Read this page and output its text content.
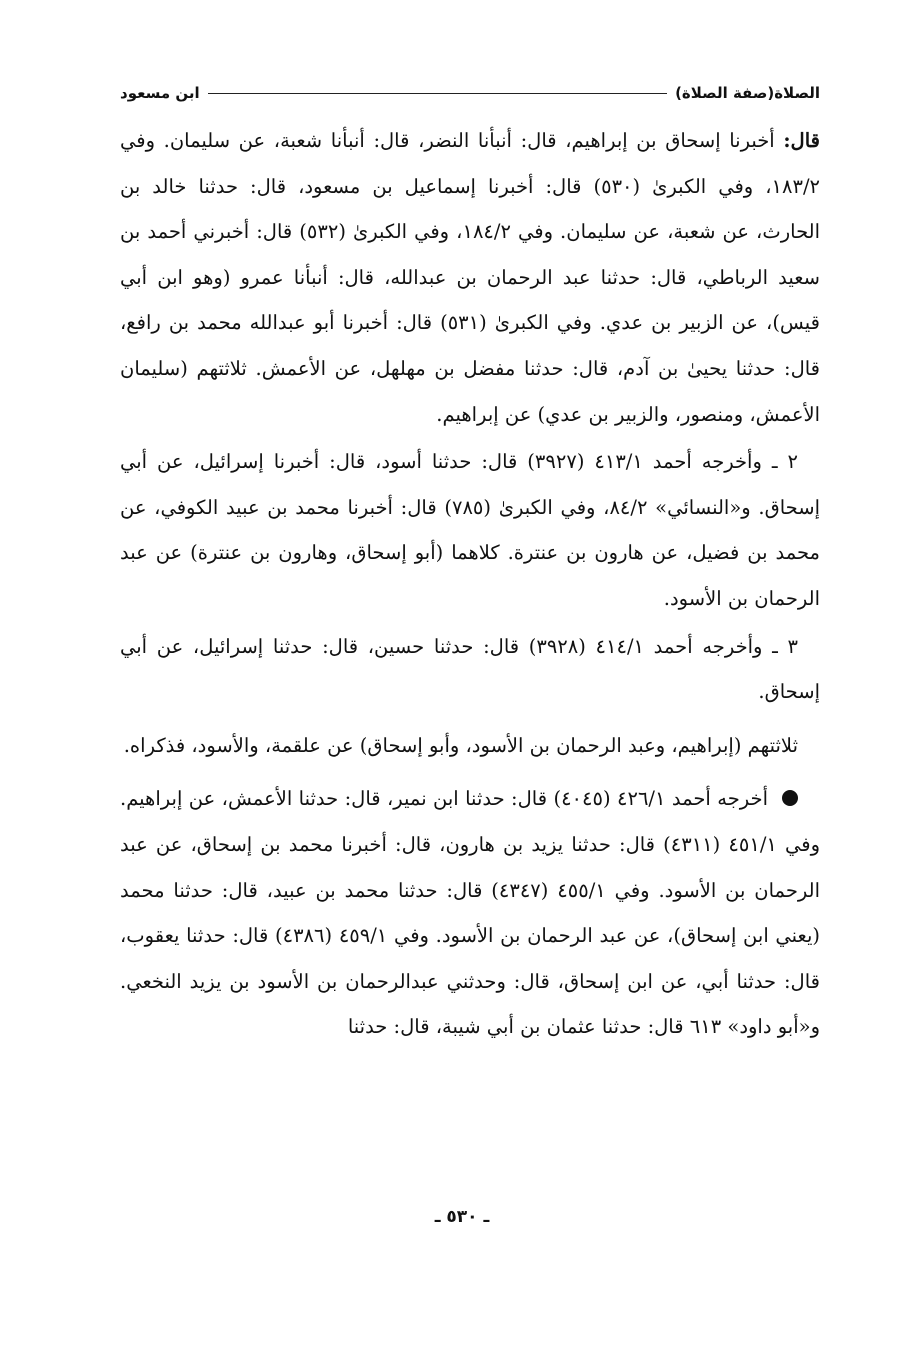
الصلاة(صفة الصلاة)
ابن مسعود

قال: أخبرنا إسحاق بن إبراهيم، قال: أنبأنا النضر، قال: أنبأنا شعبة، عن سليمان. وفي ١٨٣/٢، وفي الكبرىٰ (٥٣٠) قال: أخبرنا إسماعيل بن مسعود، قال: حدثنا خالد بن الحارث، عن شعبة، عن سليمان. وفي ١٨٤/٢، وفي الكبرىٰ (٥٣٢) قال: أخبرني أحمد بن سعيد الرباطي، قال: حدثنا عبد الرحمان بن عبدالله، قال: أنبأنا عمرو (وهو ابن أبي قيس)، عن الزبير بن عدي. وفي الكبرىٰ (٥٣١) قال: أخبرنا أبو عبدالله محمد بن رافع، قال: حدثنا يحيىٰ بن آدم، قال: حدثنا مفضل بن مهلهل، عن الأعمش. ثلاثتهم (سليمان الأعمش، ومنصور، والزبير بن عدي) عن إبراهيم.

٢ ـ وأخرجه أحمد ٤١٣/١ (٣٩٢٧) قال: حدثنا أسود، قال: أخبرنا إسرائيل، عن أبي إسحاق. و«النسائي» ٨٤/٢، وفي الكبرىٰ (٧٨٥) قال: أخبرنا محمد بن عبيد الكوفي، عن محمد بن فضيل، عن هارون بن عنترة. كلاهما (أبو إسحاق، وهارون بن عنترة) عن عبد الرحمان بن الأسود.

٣ ـ وأخرجه أحمد ٤١٤/١ (٣٩٢٨) قال: حدثنا حسين، قال: حدثنا إسرائيل، عن أبي إسحاق.

ثلاثتهم (إبراهيم، وعبد الرحمان بن الأسود، وأبو إسحاق) عن علقمة، والأسود، فذكراه.

أخرجه أحمد ٤٢٦/١ (٤٠٤٥) قال: حدثنا ابن نمير، قال: حدثنا الأعمش، عن إبراهيم. وفي ٤٥١/١ (٤٣١١) قال: حدثنا يزيد بن هارون، قال: أخبرنا محمد بن إسحاق، عن عبد الرحمان بن الأسود. وفي ٤٥٥/١ (٤٣٤٧) قال: حدثنا محمد بن عبيد، قال: حدثنا محمد (يعني ابن إسحاق)، عن عبد الرحمان بن الأسود. وفي ٤٥٩/١ (٤٣٨٦) قال: حدثنا يعقوب، قال: حدثنا أبي، عن ابن إسحاق، قال: وحدثني عبدالرحمان بن الأسود بن يزيد النخعي. و«أبو داود» ٦١٣ قال: حدثنا عثمان بن أبي شيبة، قال: حدثنا

ـ ٥٣٠ ـ
